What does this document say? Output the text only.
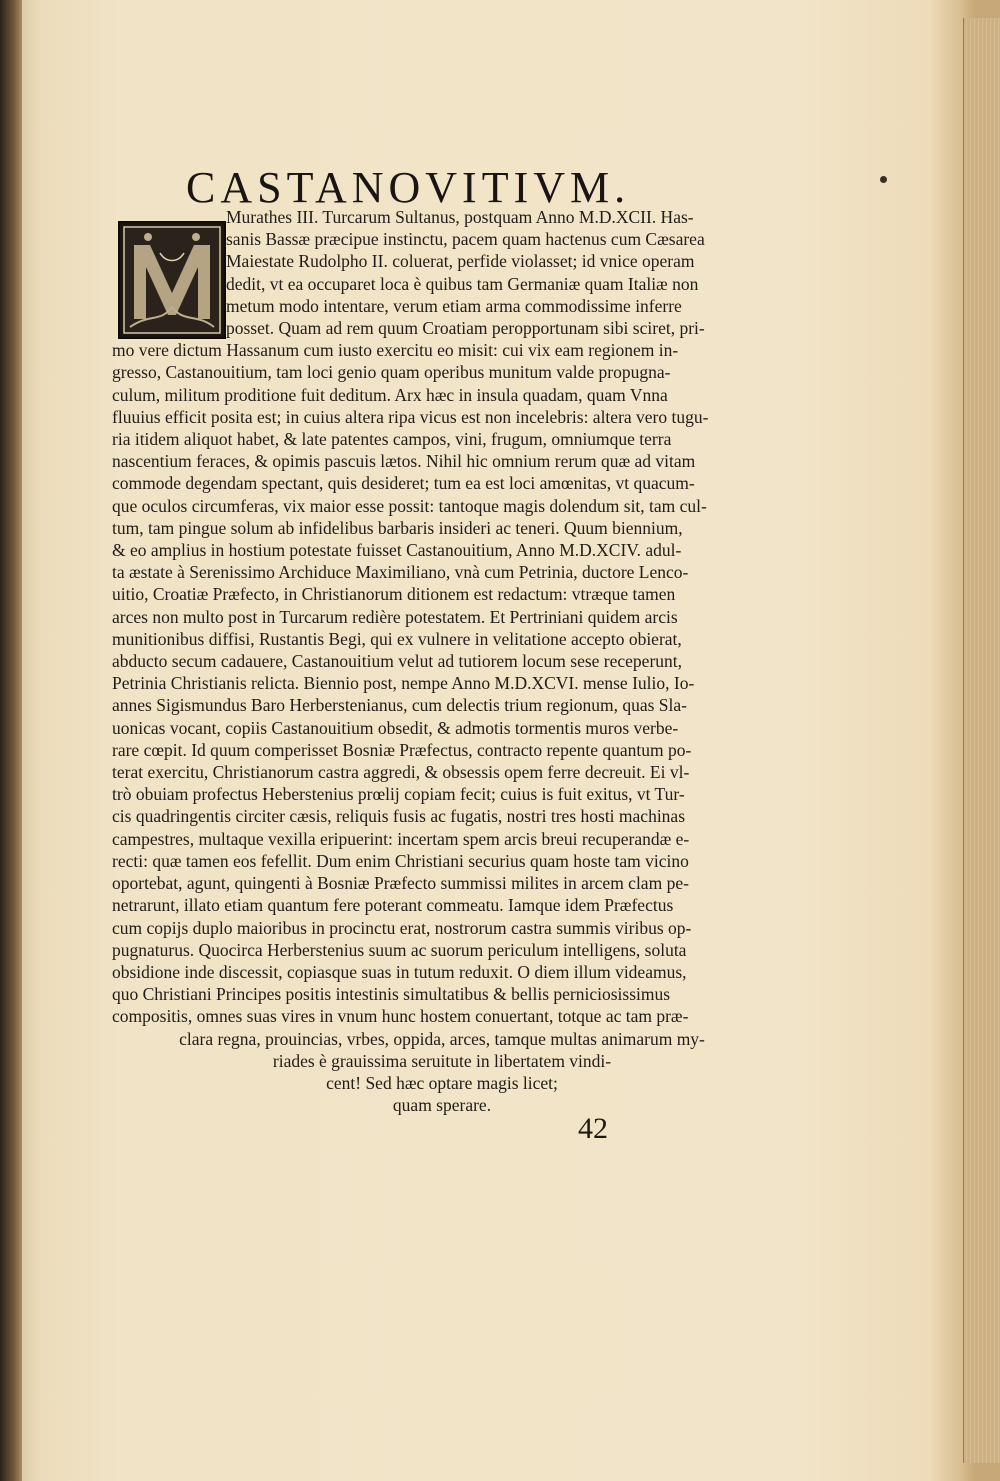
CASTANOVITIVM.
Murathes III. Turcarum Sultanus, postquam Anno M.D.XCII. Has-
sanis Bassæ præcipue instinctu, pacem quam hactenus cum Cæsarea
Maiestate Rudolpho II. coluerat, perfide violasset; id vnice operam
dedit, vt ea occuparet loca è quibus tam Germaniæ quam Italiæ non
metum modo intentare, verum etiam arma commodissime inferre
posset. Quam ad rem quum Croatiam peropportunam sibi sciret, pri-
mo vere dictum Hassanum cum iusto exercitu eo misit: cui vix eam regionem in-
gresso, Castanouitium, tam loci genio quam operibus munitum valde propugna-
culum, militum proditione fuit deditum. Arx hæc in insula quadam, quam Vnna
fluuius efficit posita est; in cuius altera ripa vicus est non incelebris: altera vero tugu-
ria itidem aliquot habet, & late patentes campos, vini, frugum, omniumque terra
nascentium feraces, & opimis pascuis lætos. Nihil hic omnium rerum quæ ad vitam
commode degendam spectant, quis desideret; tum ea est loci amœnitas, vt quacum-
que oculos circumferas, vix maior esse possit: tantoque magis dolendum sit, tam cul-
tum, tam pingue solum ab infidelibus barbaris insideri ac teneri. Quum biennium,
& eo amplius in hostium potestate fuisset Castanouitium, Anno M.D.XCIV. adul-
ta æstate à Serenissimo Archiduce Maximiliano, vnà cum Petrinia, ductore Lenco-
uitio, Croatiæ Præfecto, in Christianorum ditionem est redactum: vtræque tamen
arces non multo post in Turcarum redière potestatem. Et Pertriniani quidem arcis
munitionibus diffisi, Rustantis Begi, qui ex vulnere in velitatione accepto obierat,
abducto secum cadauere, Castanouitium velut ad tutiorem locum sese receperunt,
Petrinia Christianis relicta. Biennio post, nempe Anno M.D.XCVI. mense Iulio, Io-
annes Sigismundus Baro Herberstenianus, cum delectis trium regionum, quas Sla-
uonicas vocant, copiis Castanouitium obsedit, & admotis tormentis muros verbe-
rare cœpit. Id quum comperisset Bosniæ Præfectus, contracto repente quantum po-
terat exercitu, Christianorum castra aggredi, & obsessis opem ferre decreuit. Ei vl-
trò obuiam profectus Heberstenius prœlij copiam fecit; cuius is fuit exitus, vt Tur-
cis quadringentis circiter cæsis, reliquis fusis ac fugatis, nostri tres hosti machinas
campestres, multaque vexilla eripuerint: incertam spem arcis breui recuperandæ e-
recti: quæ tamen eos fefellit. Dum enim Christiani securius quam hoste tam vicino
oportebat, agunt, quingenti à Bosniæ Præfecto summissi milites in arcem clam pe-
netrarunt, illato etiam quantum fere poterant commeatu. Iamque idem Præfectus
cum copijs duplo maioribus in procinctu erat, nostrorum castra summis viribus op-
pugnaturus. Quocirca Herberstenius suum ac suorum periculum intelligens, soluta
obsidione inde discessit, copiasque suas in tutum reduxit. O diem illum videamus,
quo Christiani Principes positis intestinis simultatibus & bellis perniciosissimus
compositis, omnes suas vires in vnum hunc hostem conuertant, totque ac tam præ-
clara regna, prouincias, vrbes, oppida, arces, tamque multas animarum my-
riades è grauissima seruitute in libertatem vindi-
cent! Sed hæc optare magis licet;
quam sperare.
42
